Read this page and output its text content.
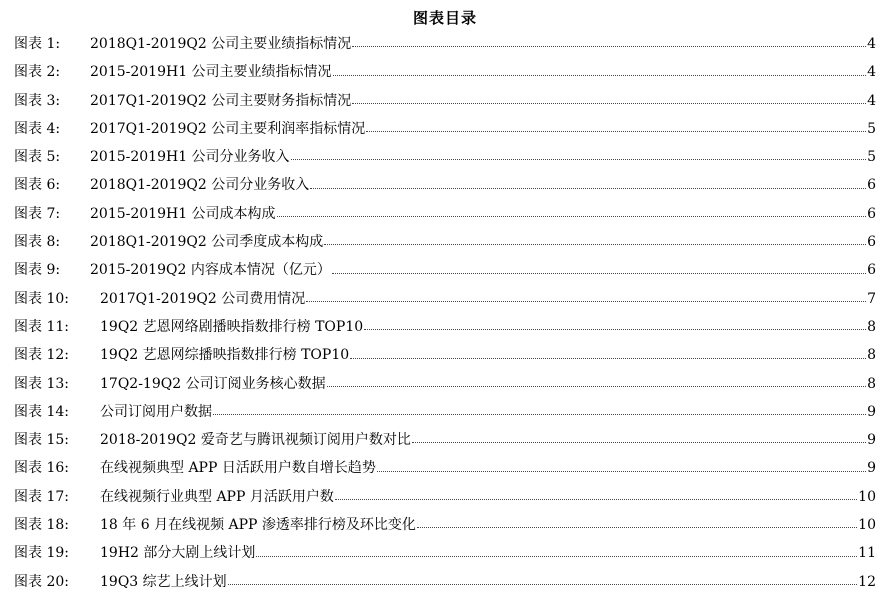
图表目录
图表 1:	2018Q1-2019Q2 公司主要业绩指标情况	4
图表 2:	2015-2019H1 公司主要业绩指标情况	4
图表 3:	2017Q1-2019Q2 公司主要财务指标情况	4
图表 4:	2017Q1-2019Q2 公司主要利润率指标情况	5
图表 5:	2015-2019H1 公司分业务收入	5
图表 6:	2018Q1-2019Q2 公司分业务收入	6
图表 7:	2015-2019H1 公司成本构成	6
图表 8:	2018Q1-2019Q2 公司季度成本构成	6
图表 9:	2015-2019Q2 内容成本情况（亿元）	6
图表 10:	2017Q1-2019Q2 公司费用情况	7
图表 11:	19Q2 艺恩网络剧播映指数排行榜 TOP10	8
图表 12:	19Q2 艺恩网综播映指数排行榜 TOP10	8
图表 13:	17Q2-19Q2 公司订阅业务核心数据	8
图表 14:	公司订阅用户数据	9
图表 15:	2018-2019Q2 爱奇艺与腾讯视频订阅用户数对比	9
图表 16:	在线视频典型 APP 日活跃用户数自增长趋势	9
图表 17:	在线视频行业典型 APP 月活跃用户数	10
图表 18:	18 年 6 月在线视频 APP 渗透率排行榜及环比变化	10
图表 19:	19H2 部分大剧上线计划	11
图表 20:	19Q3 综艺上线计划	12
